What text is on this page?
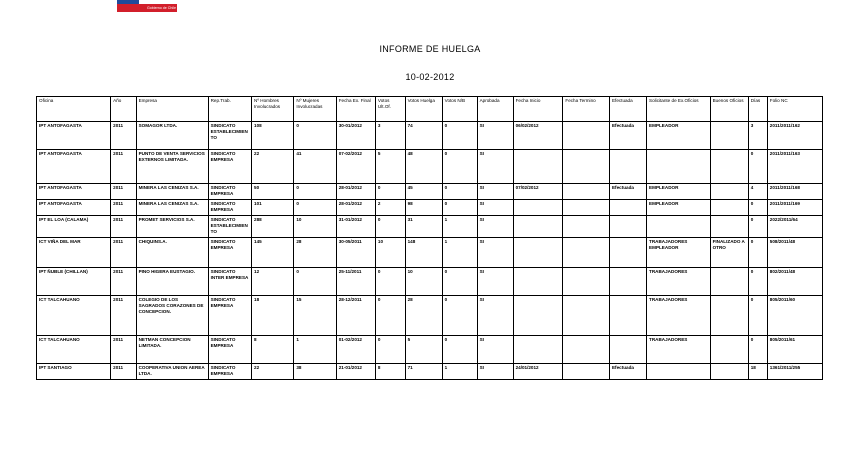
Gobierno de Chile
INFORME DE HUELGA
10-02-2012
Oficina	Año	Empresa	Rep.Trab.	Nº Hombres Involucrados	Nº Mujeres Involucradas	Fecha Ex. Final	Votos Ult.Of.	Votos Huelga	Votos N/B	Aprobada	Fecha Inicio	Fecha Termino	Efectuada	Solicitante de Ex.Oficios	Buenos Oficios	Días	Folio NC
IPT ANTOFAGASTA	2011	SOMAGOR LTDA.	SINDICATO ESTABLECIMIENTO	108	0	30-01/2012	3	74	0	SI	06/02/2012		Efectuada	EMPLEADOR		3	2011/2011/162
IPT ANTOFAGASTA	2011	PUNTO DE VENTA SERVICIOS EXTERNOS LIMITADA.	SINDICATO EMPRESA	22	41	07-02/2012	5	48	0	SI						0	2011/2011/163
IPT ANTOFAGASTA	2011	MINERA LAS CENIZAS S.A.	SINDICATO EMPRESA	50	0	28-01/2012	0	45	0	SI	07/02/2012		Efectuada	EMPLEADOR		4	2011/2011/168
IPT ANTOFAGASTA	2011	MINERA LAS CENIZAS S.A.	SINDICATO EMPRESA	101	0	28-01/2012	2	98	0	SI				EMPLEADOR		0	2011/2011/169
IPT EL LOA (CALAMA)	2011	PROMET SERVICIOS S.A.	SINDICATO ESTABLECIMIENTO	288	10	31-01/2012	0	31	1	SI						0	2022/2011/64
ICT VIÑA DEL MAR	2011	CHIQUINS.A.	SINDICATO EMPRESA	145	28	30-05/2011	10	148	1	SI				TRABAJADORES EMPLEADOR	FINALIZADO A OTRO	0	508/2011/48
IPT ÑUBLE (CHILLAN)	2011	PINO HIGERA EUSTAGIO.	SINDICATO INTER EMPRESA	12	0	25-11/2011	0	10	0	SI				TRABAJADORES		0	802/2011/48
ICT TALCAHUANO	2011	COLEGIO DE LOS SAGRADOS CORAZONES DE CONCEPCION.	SINDICATO EMPRESA	18	15	28-12/2011	0	28	0	SI				TRABAJADORES		0	805/2011/60
ICT TALCAHUANO	2011	NETMAN CONCEPCION LIMITADA.	SINDICATO EMPRESA	8	1	01-02/2012	0	5	0	SI				TRABAJADORES		0	805/2011/61
IPT SANTIAGO	2011	COOPERATIVA UNION AEREA LTDA.	SINDICATO EMPRESA	22	38	21-01/2012	8	71	1	SI	24/01/2012		Efectuada			18	1361/2011/255
